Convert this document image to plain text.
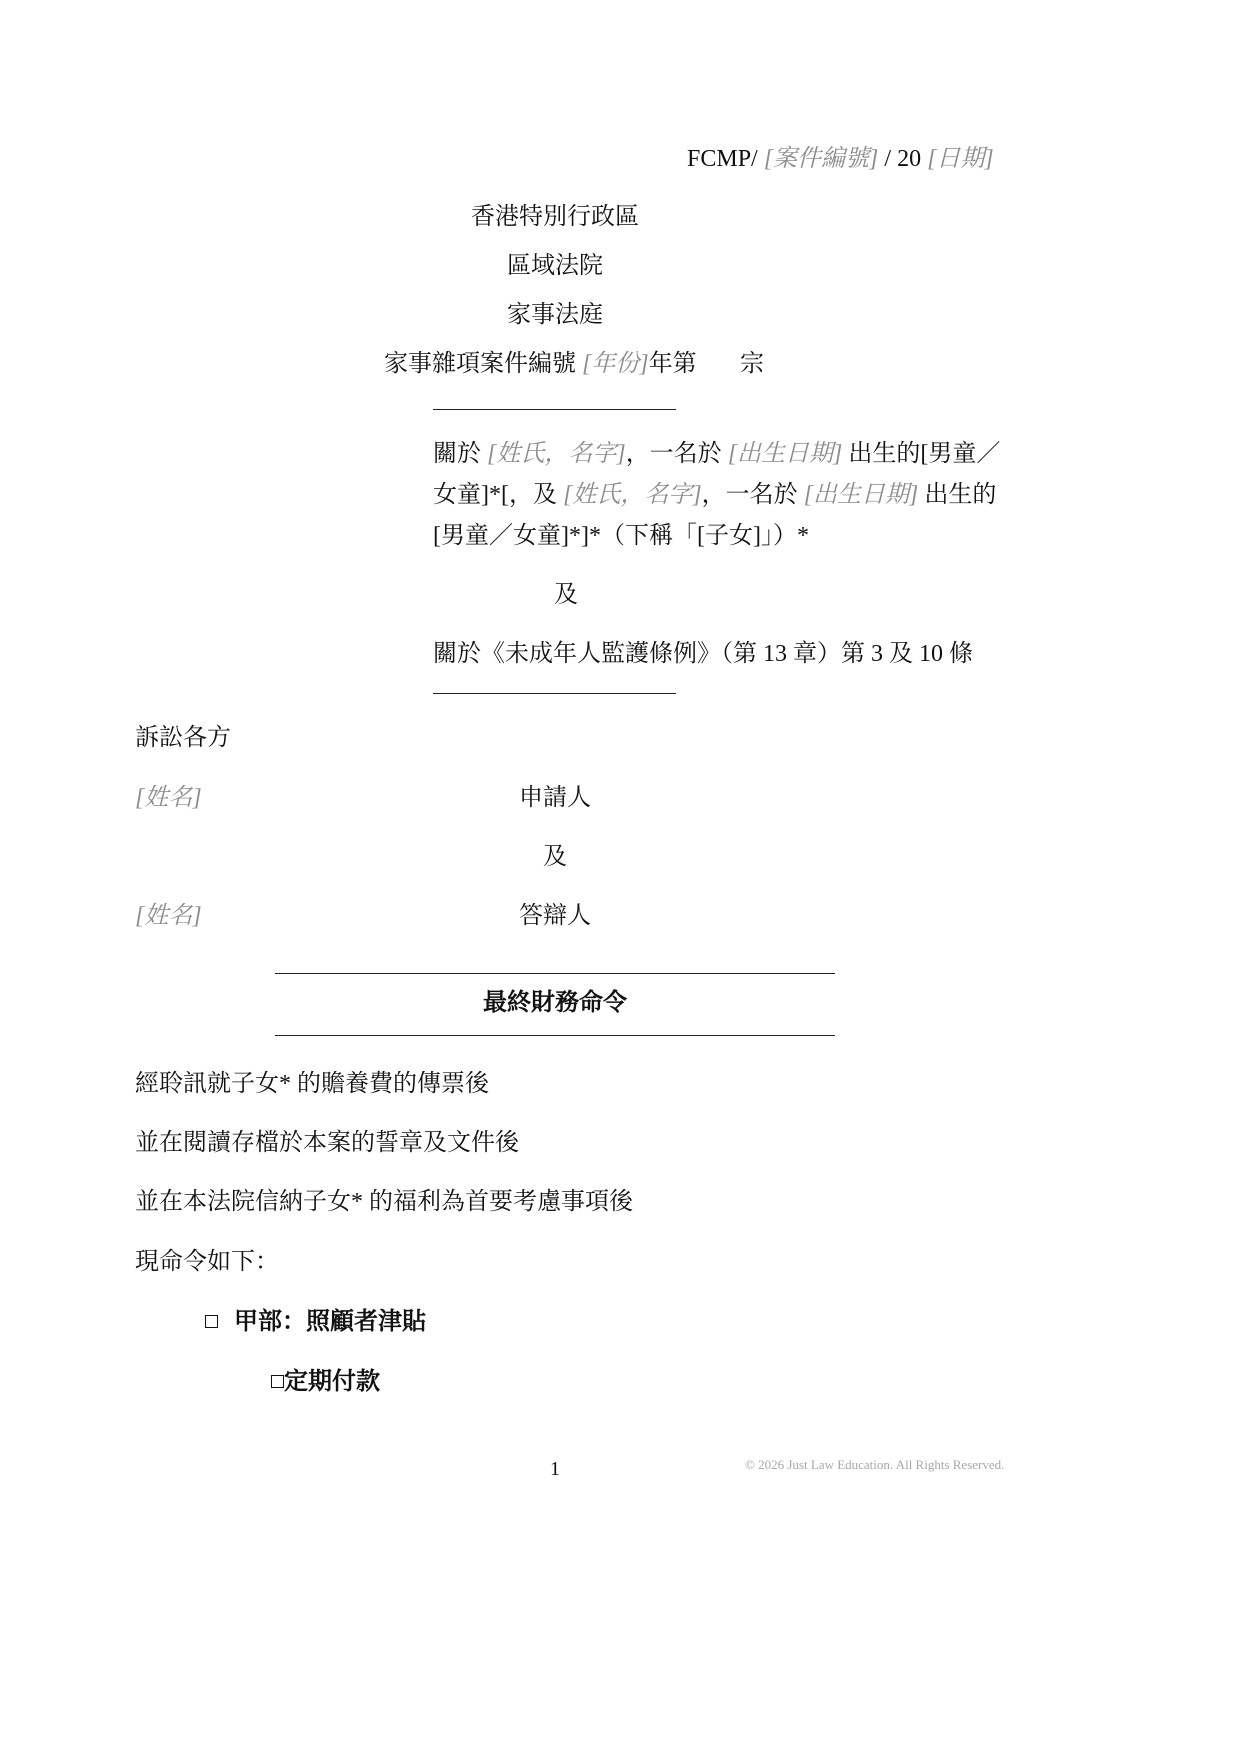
FCMP/ [案件編號] / 20 [日期]
香港特別行政區
區域法院
家事法庭
家事雜項案件編號 [年份]年第 宗
關於 [姓氏，名字]，一名於 [出生日期] 出生的[男童／
女童]*[，及 [姓氏，名字]，一名於 [出生日期] 出生的
[男童／女童]*]*（下稱「[子女]」）*
及
關於《未成年人監護條例》（第 13 章）第 3 及 10 條
訴訟各方
[姓名]	申請人
及
[姓名]	答辯人
最終財務命令
經聆訊就子女* 的贍養費的傳票後
並在閱讀存檔於本案的誓章及文件後
並在本法院信納子女* 的福利為首要考慮事項後
現命令如下：
甲部：照顧者津貼
定期付款
1	© 2026 Just Law Education. All Rights Reserved.
